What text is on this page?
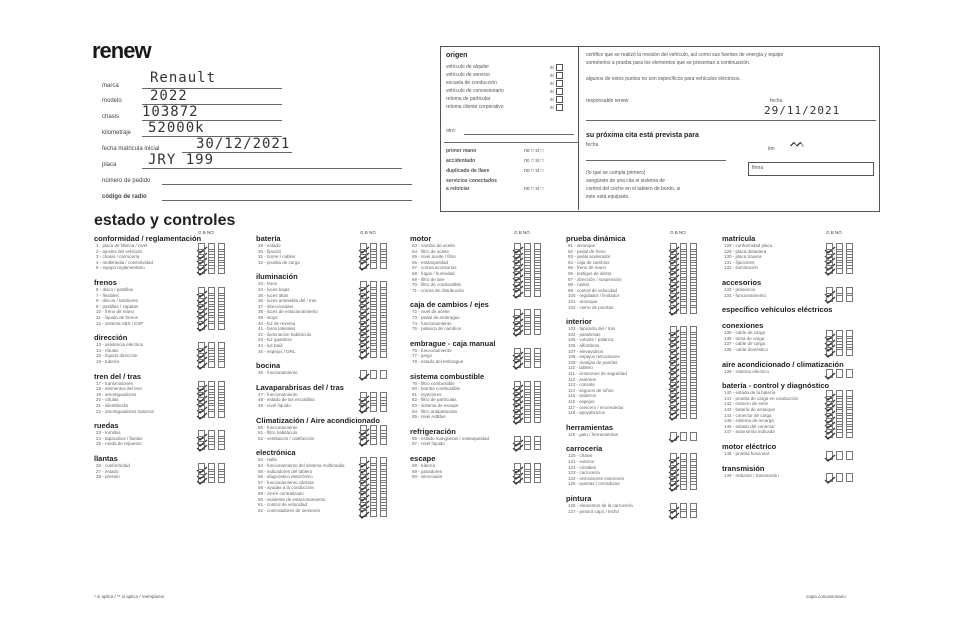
renew
marca Renault
modelo 2022
chasis 103872
kilometraje 52000k
fecha matricula inicial	30/12/2021
placa JRY 199
número de pedido
código de radio
origen
vehículo de alquiler
vehículo de servicio
escuela de conducción
vehículo de concesionario
retoma de particular
retoma cliente corporativo
si
si
si
si
si
si
otro:
primer mano	no □ si □
accidentado	no □ si □
duplicado de llave	no □ si □
servicios conectados
a reiniciar	no □ si □
certifico que se realizó la revisión del vehículo, así como sus fuentes de energía y equipo
someterlos a prueba para los elementos que se presentan a continuación.
algunos de estos puntos no son específicos para vehículos eléctricos.
responsable renew	fecha
29/11/2021
su próxima cita está prevista para
fecha
km ᨓ
firma
(lo que se cumpla primero)
asegúrate de una cita el sistema de
control del coche en el tablero de bordo, si
este está equipado.
estado y controles
G B NO
conformidad / reglamentación
1 - placa de fábrica / nivel
2 - ajustes del vehículo
3 - chasis / carrocería
4 - multimedia / conectividad
5 - equipo reglamentario
frenos
6 - disco / pastillas
7 - flexibles
8 - discos / tambores
9 - pastillas / zapatas
10 - freno de mano
11 - líquido de frenos
12 - sistema ABS / ESP
dirección
13 - asistencia eléctrica
14 - rótulas
15 - líquido dirección
16 - tubería
tren del / tras
17 - transmisiones
18 - elementos del tren
19 - amortiguadores
20 - rótulas
21 - silentblocks
22 - amortiguadores traseros
ruedas
23 - tornillos
24 - tapacubos / llantas
25 - rueda de repuesto
llantas
26 - conformidad
27 - estado
28 - presión
G B NO
batería
29 - estado
30 - fijación
31 - borne / cables
32 - prueba de carga
iluminación
33 - faros
34 - luces bajas
35 - luces altas
36 - luces antiniebla del / tras
37 - direccionales
38 - luces de estacionamiento
39 - stops
40 - luz de reversa
41 - faros laterales
42 - iluminación habitáculo
43 - luz guantera
44 - luz baúl
45 - espejos / DRL
bocina
46 - funcionamiento
Lavaparabrisas del / tras
47 - funcionamiento
48 - estado de las escobillas
49 - nivel líquido
Climatización / Aire acondicionado
50 - funcionamiento
51 - filtro habitáculo
52 - ventilación / calefacción
electrónica
53 - radio
54 - funcionamiento del sistema multimedia
55 - indicadores del tablero
56 - diagnóstico electrónico
57 - funcionamiento cámara
58 - ayudas a la conducción
59 - cierre centralizado
60 - asistente de estacionamiento
61 - control de velocidad
62 - controladores de sensores
G B NO
motor
63 - cambio de aceite
64 - filtro de aceite
65 - nivel aceite / filtro
66 - estanqueidad
67 - correa accesorios
68 - fugas / humedad
69 - filtro de aire
70 - filtro de combustible
71 - correa de distribución
caja de cambios / ejes
72 - nivel de aceite
73 - pedal de embrague
74 - funcionamiento
75 - palanca de cambios
embrague - caja manual
76 - funcionamiento
77 - juego
78 - estado del embrague
sistema combustible
79 - filtro combustible
80 - bomba combustible
81 - inyectores
82 - filtro de partículas
83 - sistema de escape
84 - filtro antiparticulas
85 - nivel AdBlue
refrigeración
86 - estado mangueras / estanqueidad
87 - nivel líquido
escape
88 - tubería
89 - pasadores
90 - silenciador
G B NO
prueba dinámica
91 - arranque
92 - pedal de freno
93 - pedal acelerador
94 - caja de cambios
95 - freno de mano
96 - testigos de alerta
97 - dirección / suspensión
98 - ruidos
99 - control de velocidad
100 - regulador / limitador
101 - arranque
102 - cierre de puertas
interior
103 - tapicería del / tras
104 - parabrisas
105 - volante / palanca
106 - alfombras
107 - elevavidrios
108 - espejos retrovisores
109 - manijas de puertas
110 - tablero
111 - cinturones de seguridad
112 - asientos
113 - consola
114 - seguros de niños
115 - asideros
116 - espejos
117 - cenicero / encendedor
118 - apoyabrazos
herramientas
119 - gato / herramientas
carrocería
120 - chasis
121 - exterior
122 - cristales
123 - carrocería
124 - retrovisores exteriores
125 - puertas / cerraduras
pintura
126 - elementos de la carrocería
127 - pintura capó / techo
G B NO
matrícula
128 - conformidad placa
129 - placa delantera
130 - placa trasera
131 - fijaciones
132 - iluminación
accesorios
133 - presencia
134 - funcionamiento
específico vehículos eléctricos
conexiones
135 - cable de carga
136 - toma de carga
137 - cable de carga
138 - cable doméstico
aire acondicionado / climatización
139 - sistema eléctrico
batería - control y diagnóstico
140 - estado de la batería
141 - prueba de carga en conducción
142 - número de serie
143 - batería de arranque
144 - conector de carga
145 - sistema de recarga
146 - estado del conector
147 - autonomía indicada
motor eléctrico
148 - prueba funcional
transmisión
149 - reductor / transmisión
* si aplica / ** si aplica / reemplazar	copia concesionario
